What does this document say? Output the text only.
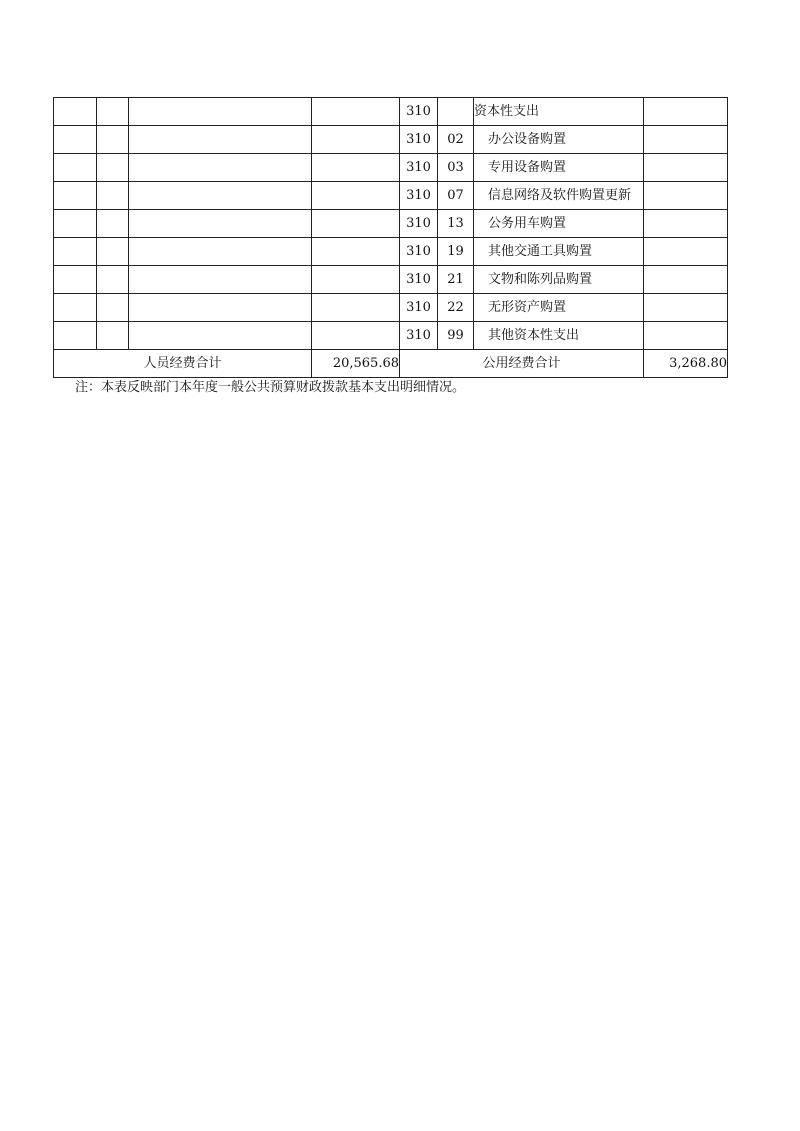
				310		资本性支出	
				310	02	办公设备购置	
				310	03	专用设备购置	
				310	07	信息网络及软件购置更新	
				310	13	公务用车购置	
				310	19	其他交通工具购置	
				310	21	文物和陈列品购置	
				310	22	无形资产购置	
				310	99	其他资本性支出	
人员经费合计			20,565.68	公用经费合计			3,268.80
注：本表反映部门本年度一般公共预算财政拨款基本支出明细情况。
